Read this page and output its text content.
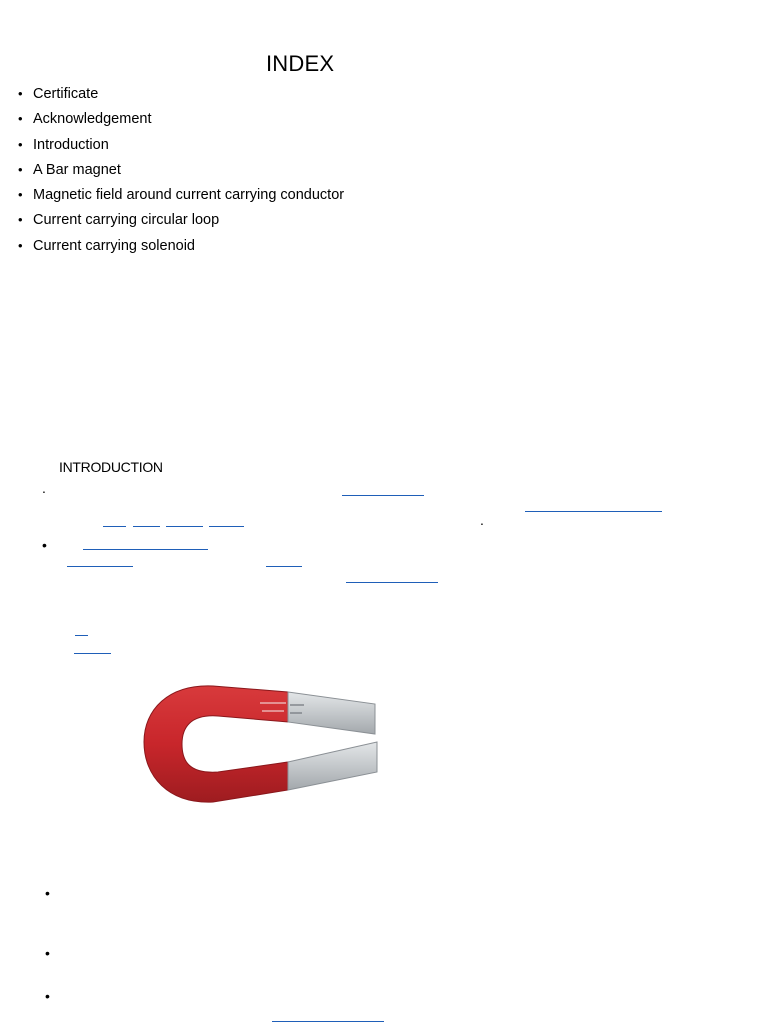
INDEX
• Certificate
• Acknowledgement
• Introduction
• A Bar magnet
• Magnetic field around current carrying conductor
• Current carrying circular loop
• Current carrying solenoid
INTRODUCTION
.
.
•
•
•
•
